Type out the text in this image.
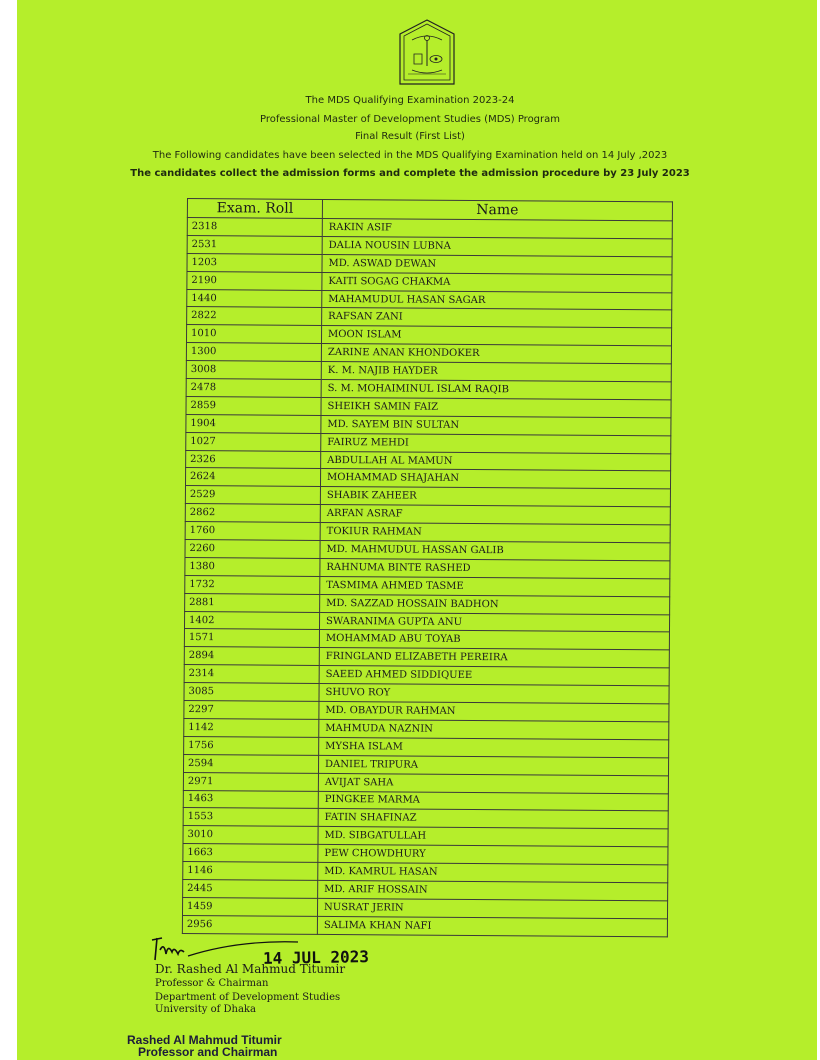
The MDS Qualifying Examination 2023-24
Professional Master of Development Studies (MDS) Program
Final Result (First List)
The Following candidates have been selected in the MDS Qualifying Examination held on 14 July ,2023
The candidates collect the admission forms and complete the admission procedure by 23 July 2023
Exam. Roll	Name
2318	RAKIN ASIF
2531	DALIA NOUSIN LUBNA
1203	MD. ASWAD DEWAN
2190	KAITI SOGAG CHAKMA
1440	MAHAMUDUL HASAN SAGAR
2822	RAFSAN ZANI
1010	MOON ISLAM
1300	ZARINE ANAN KHONDOKER
3008	K. M. NAJIB HAYDER
2478	S. M. MOHAIMINUL ISLAM RAQIB
2859	SHEIKH SAMIN FAIZ
1904	MD. SAYEM BIN SULTAN
1027	FAIRUZ MEHDI
2326	ABDULLAH AL MAMUN
2624	MOHAMMAD SHAJAHAN
2529	SHABIK ZAHEER
2862	ARFAN ASRAF
1760	TOKIUR RAHMAN
2260	MD. MAHMUDUL HASSAN GALIB
1380	RAHNUMA BINTE RASHED
1732	TASMIMA AHMED TASME
2881	MD. SAZZAD HOSSAIN BADHON
1402	SWARANIMA GUPTA ANU
1571	MOHAMMAD ABU TOYAB
2894	FRINGLAND ELIZABETH PEREIRA
2314	SAEED AHMED SIDDIQUEE
3085	SHUVO ROY
2297	MD. OBAYDUR RAHMAN
1142	MAHMUDA NAZNIN
1756	MYSHA ISLAM
2594	DANIEL TRIPURA
2971	AVIJAT SAHA
1463	PINGKEE MARMA
1553	FATIN SHAFINAZ
3010	MD. SIBGATULLAH
1663	PEW CHOWDHURY
1146	MD. KAMRUL HASAN
2445	MD. ARIF HOSSAIN
1459	NUSRAT JERIN
2956	SALIMA KHAN NAFI
14 JUL 2023
Dr. Rashed Al Mahmud Titumir
Professor & Chairman
Department of Development Studies
University of Dhaka
Rashed Al Mahmud Titumir
Professor and Chairman
